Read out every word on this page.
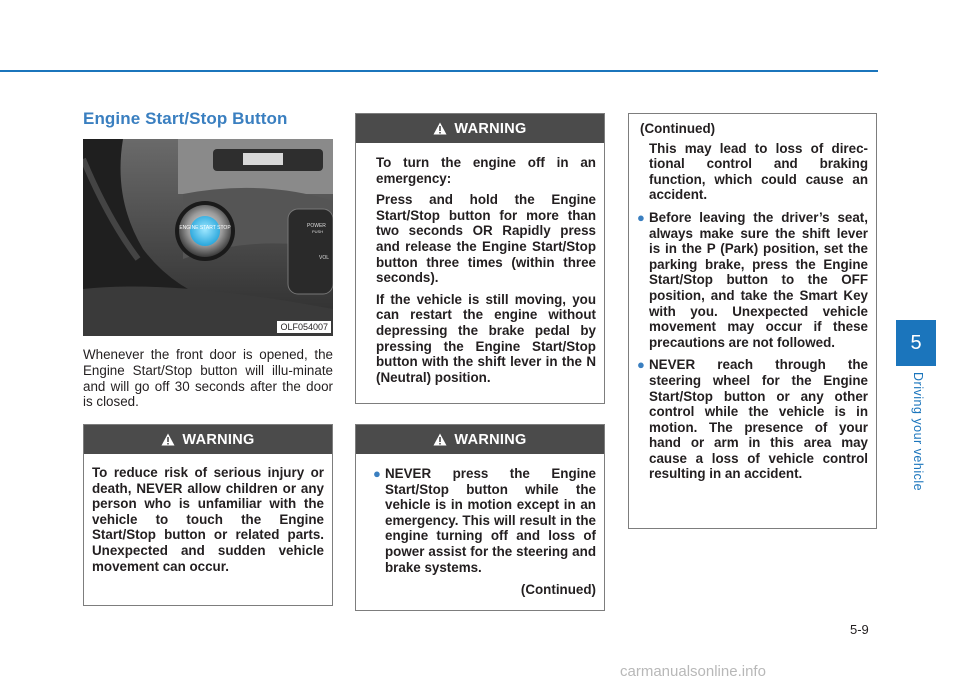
Engine Start/Stop Button
POWER
PUSH
VOL
ENGINE START STOP
OLF054007
Whenever the front door is opened, the Engine Start/Stop button will illu-minate and will go off 30 seconds after the door is closed.
WARNING

To reduce risk of serious injury or death, NEVER allow children or any person who is unfamiliar with the vehicle to touch the Engine Start/Stop button or related parts. Unexpected and sudden vehicle movement can occur.

WARNING

To turn the engine off in an emergency:

Press and hold the Engine Start/Stop button for more than two seconds OR Rapidly press and release the Engine Start/Stop button three times (within three seconds).

If the vehicle is still moving, you can restart the engine without depressing the brake pedal by pressing the Engine Start/Stop button with the shift lever in the N (Neutral) position.

WARNING
● NEVER press the Engine Start/Stop button while the vehicle is in motion except in an emergency. This will result in the engine turning off and loss of power assist for the steering and brake systems.
(Continued)
(Continued)
This may lead to loss of direc-tional control and braking function, which could cause an accident.
● Before leaving the driver’s seat, always make sure the shift lever is in the P (Park) position, set the parking brake, press the Engine Start/Stop button to the OFF position, and take the Smart Key with you. Unexpected vehicle movement may occur if these precautions are not followed.
● NEVER reach through the steering wheel for the Engine Start/Stop button or any other control while the vehicle is in motion. The presence of your hand or arm in this area may cause a loss of vehicle control resulting in an accident.
5
Driving your vehicle
5-9
carmanualsonline.info
